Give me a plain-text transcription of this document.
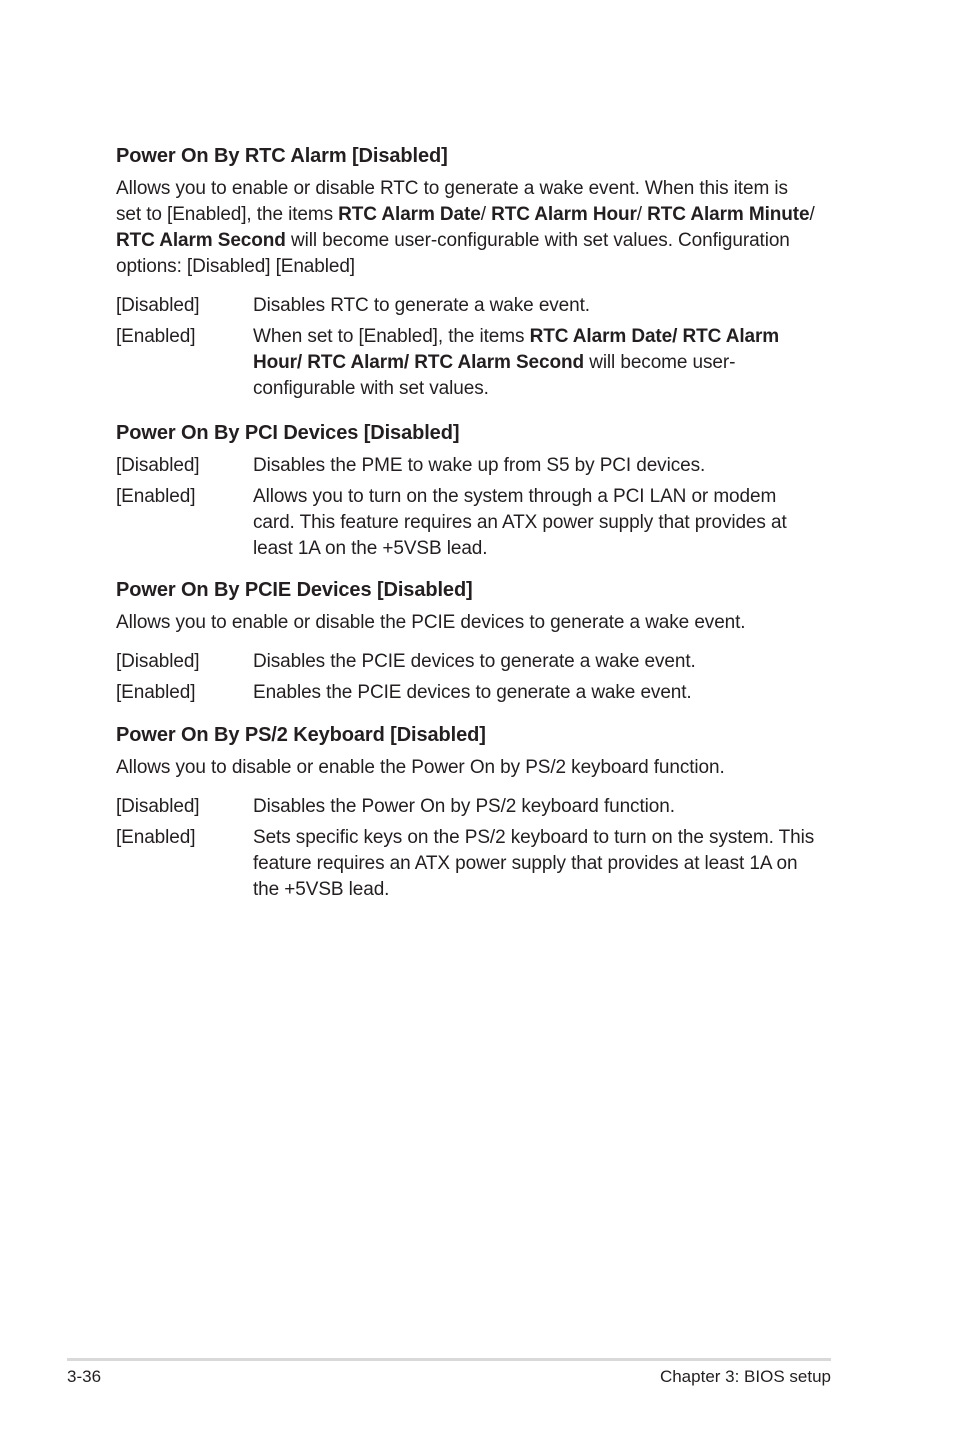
Power On By RTC Alarm [Disabled]

Allows you to enable or disable RTC to generate a wake event. When this item is set to [Enabled], the items RTC Alarm Date/ RTC Alarm Hour/ RTC Alarm Minute/ RTC Alarm Second will become user-configurable with set values. Configuration options: [Disabled] [Enabled]

[Disabled]	Disables RTC to generate a wake event.
[Enabled]	When set to [Enabled], the items RTC Alarm Date/ RTC Alarm Hour/ RTC Alarm/ RTC Alarm Second will become user-configurable with set values.
Power On By PCI Devices [Disabled]
[Disabled]	Disables the PME to wake up from S5 by PCI devices.
[Enabled]	Allows you to turn on the system through a PCI LAN or modem card. This feature requires an ATX power supply that provides at least 1A on the +5VSB lead.
Power On By PCIE Devices [Disabled]

Allows you to enable or disable the PCIE devices to generate a wake event.

[Disabled]	Disables the PCIE devices to generate a wake event.
[Enabled]	Enables the PCIE devices to generate a wake event.
Power On By PS/2 Keyboard [Disabled]

Allows you to disable or enable the Power On by PS/2 keyboard function.

[Disabled]	Disables the Power On by PS/2 keyboard function.
[Enabled]	Sets specific keys on the PS/2 keyboard to turn on the system. This feature requires an ATX power supply that provides at least 1A on the +5VSB lead.
3-36	Chapter 3: BIOS setup
